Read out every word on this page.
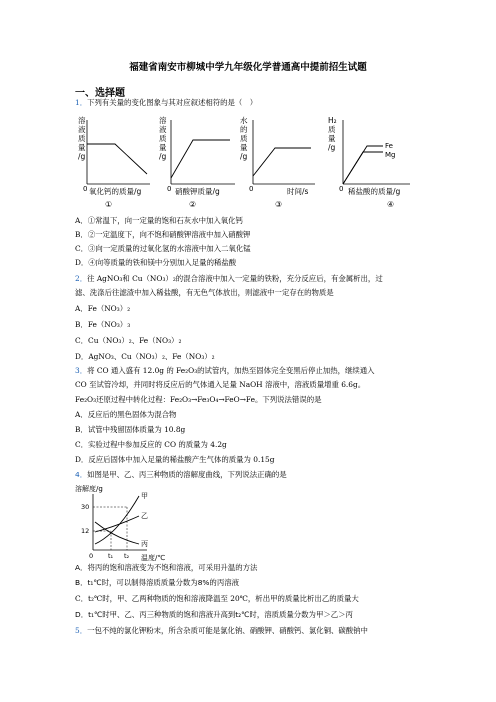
福建省南安市柳城中学九年级化学普通高中提前招生试题
一、选择题
1．下列有关量的变化图象与其对应叙述相符的是（　）
溶
液
质
量
/g
0 氧化钙的质量/g
①
溶
液
质
量
/g
0 硝酸钾质量/g
②
水
的
质
量
/g
0	时间/s
③
H₂
质
量
/g	Fe
Mg
0 稀盐酸的质量/g
④
A．①常温下，向一定量的饱和石灰水中加入氧化钙
B．②一定温度下，向不饱和硝酸钾溶液中加入硝酸钾
C．③向一定质量的过氧化氢的水溶液中加入二氧化锰
D．④向等质量的铁和镁中分别加入足量的稀盐酸
2．往 AgNO₃和 Cu（NO₃）₂的混合溶液中加入一定量的铁粉，充分反应后，有金属析出，过
滤、洗涤后往滤渣中加入稀盐酸，有无色气体放出，则滤液中一定存在的物质是
A．Fe（NO₃）₂
B．Fe（NO₃）₃
C．Cu（NO₃）₂、Fe（NO₃）₂
D．AgNO₃、Cu（NO₃）₂、Fe（NO₃）₂
3．将 CO 通入盛有 12.0g 的 Fe₂O₃的试管内，加热至固体完全变黑后停止加热，继续通入
CO 至试管冷却，并同时将反应后的气体通入足量 NaOH 溶液中，溶液质量增重 6.6g。
Fe₂O₃还原过程中转化过程：Fe₂O₃→Fe₃O₄→FeO→Fe。下列说法错误的是
A．反应后的黑色固体为混合物
B．试管中残留固体质量为 10.8g
C．实验过程中参加反应的 CO 的质量为 4.2g
D．反应后固体中加入足量的稀盐酸产生气体的质量为 0.15g
4．如图是甲、乙、丙三种物质的溶解度曲线，下列说法正确的是
溶解度/g
30
12
甲
乙
丙
0 t₁ t₂ 温度/℃
A．将丙的饱和溶液变为不饱和溶液，可采用升温的方法
B．t₁℃时，可以制得溶质质量分数为8%的丙溶液
C．t₂℃时，甲、乙两种物质的饱和溶液降温至 20℃，析出甲的质量比析出乙的质量大
D．t₁℃时甲、乙、丙三种物质的饱和溶液升高到t₂℃时，溶质质量分数为甲＞乙＞丙
5．一包不纯的氯化钾粉末，所含杂质可能是氯化钠、硝酸钾、硝酸钙、氯化铜、碳酸钠中
